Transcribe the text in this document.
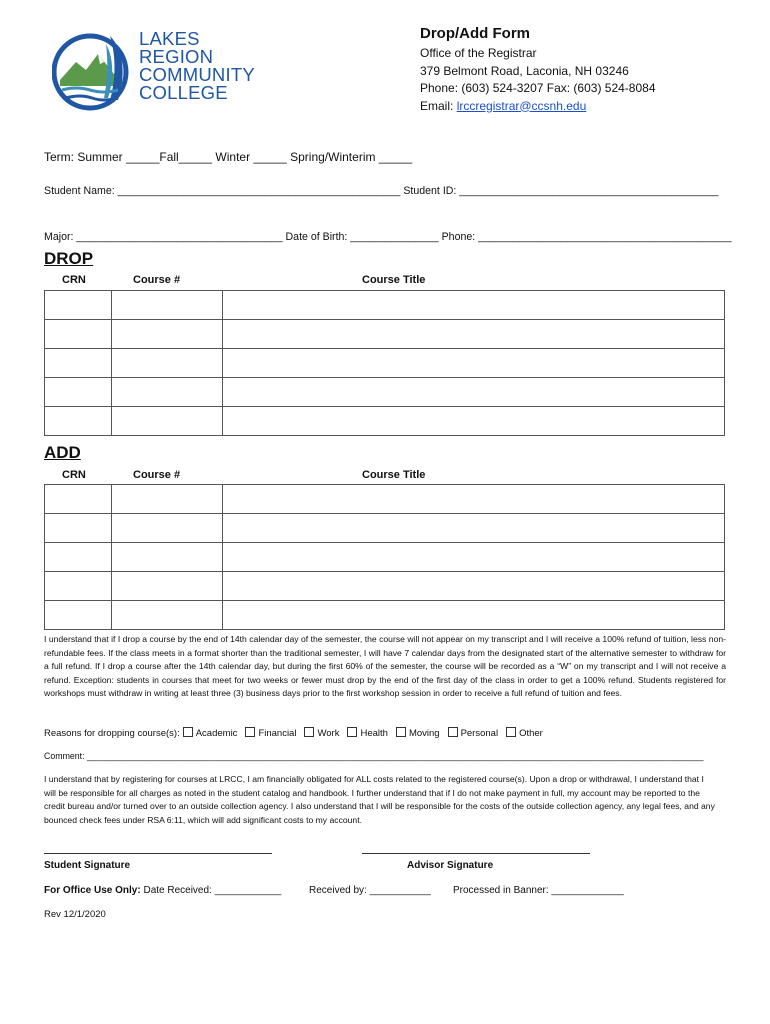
LAKES
REGION
COMMUNITY
COLLEGE
Drop/Add Form
Office of the Registrar
379 Belmont Road, Laconia, NH 03246
Phone: (603) 524-3207 Fax: (603) 524-8084
Email: lrccregistrar@ccsnh.edu
Term: Summer _____Fall_____ Winter _____ Spring/Winterim _____
Student Name: ________________________________________________ Student ID: ____________________________________________
Major: ___________________________________ Date of Birth: _______________ Phone: ___________________________________________
DROP
CRN	Course #	Course Title

ADD
CRN	Course #	Course Title

I understand that if I drop a course by the end of 14th calendar day of the semester, the course will not appear on my transcript and I will receive a 100% refund of tuition, less non-refundable fees. If the class meets in a format shorter than the traditional semester, I will have 7 calendar days from the designated start of the alternative semester to withdraw for a full refund. If I drop a course after the 14th calendar day, but during the first 60% of the semester, the course will be recorded as a “W” on my transcript and I will not receive a refund. Exception: students in courses that meet for two weeks or fewer must drop by the end of the first day of the class in order to get a 100% refund. Students registered for workshops must withdraw in writing at least three (3) business days prior to the first workshop session in order to receive a full refund of tuition and fees.
Reasons for dropping course(s): Academic Financial Work Health Moving Personal Other
Comment: ______________________________________________________________________________________________________________________________
I understand that by registering for courses at LRCC, I am financially obligated for ALL costs related to the registered course(s). Upon a drop or withdrawal, I understand that I will be responsible for all charges as noted in the student catalog and handbook. I further understand that if I do not make payment in full, my account may be reported to the credit bureau and/or turned over to an outside collection agency. I also understand that I will be responsible for the costs of the outside collection agency, any legal fees, and any bounced check fees under RSA 6:11, which will add significant costs to my account.
Student Signature	Advisor Signature
For Office Use Only: Date Received: ____________	Received by: ___________ Processed in Banner: _____________
Rev 12/1/2020
